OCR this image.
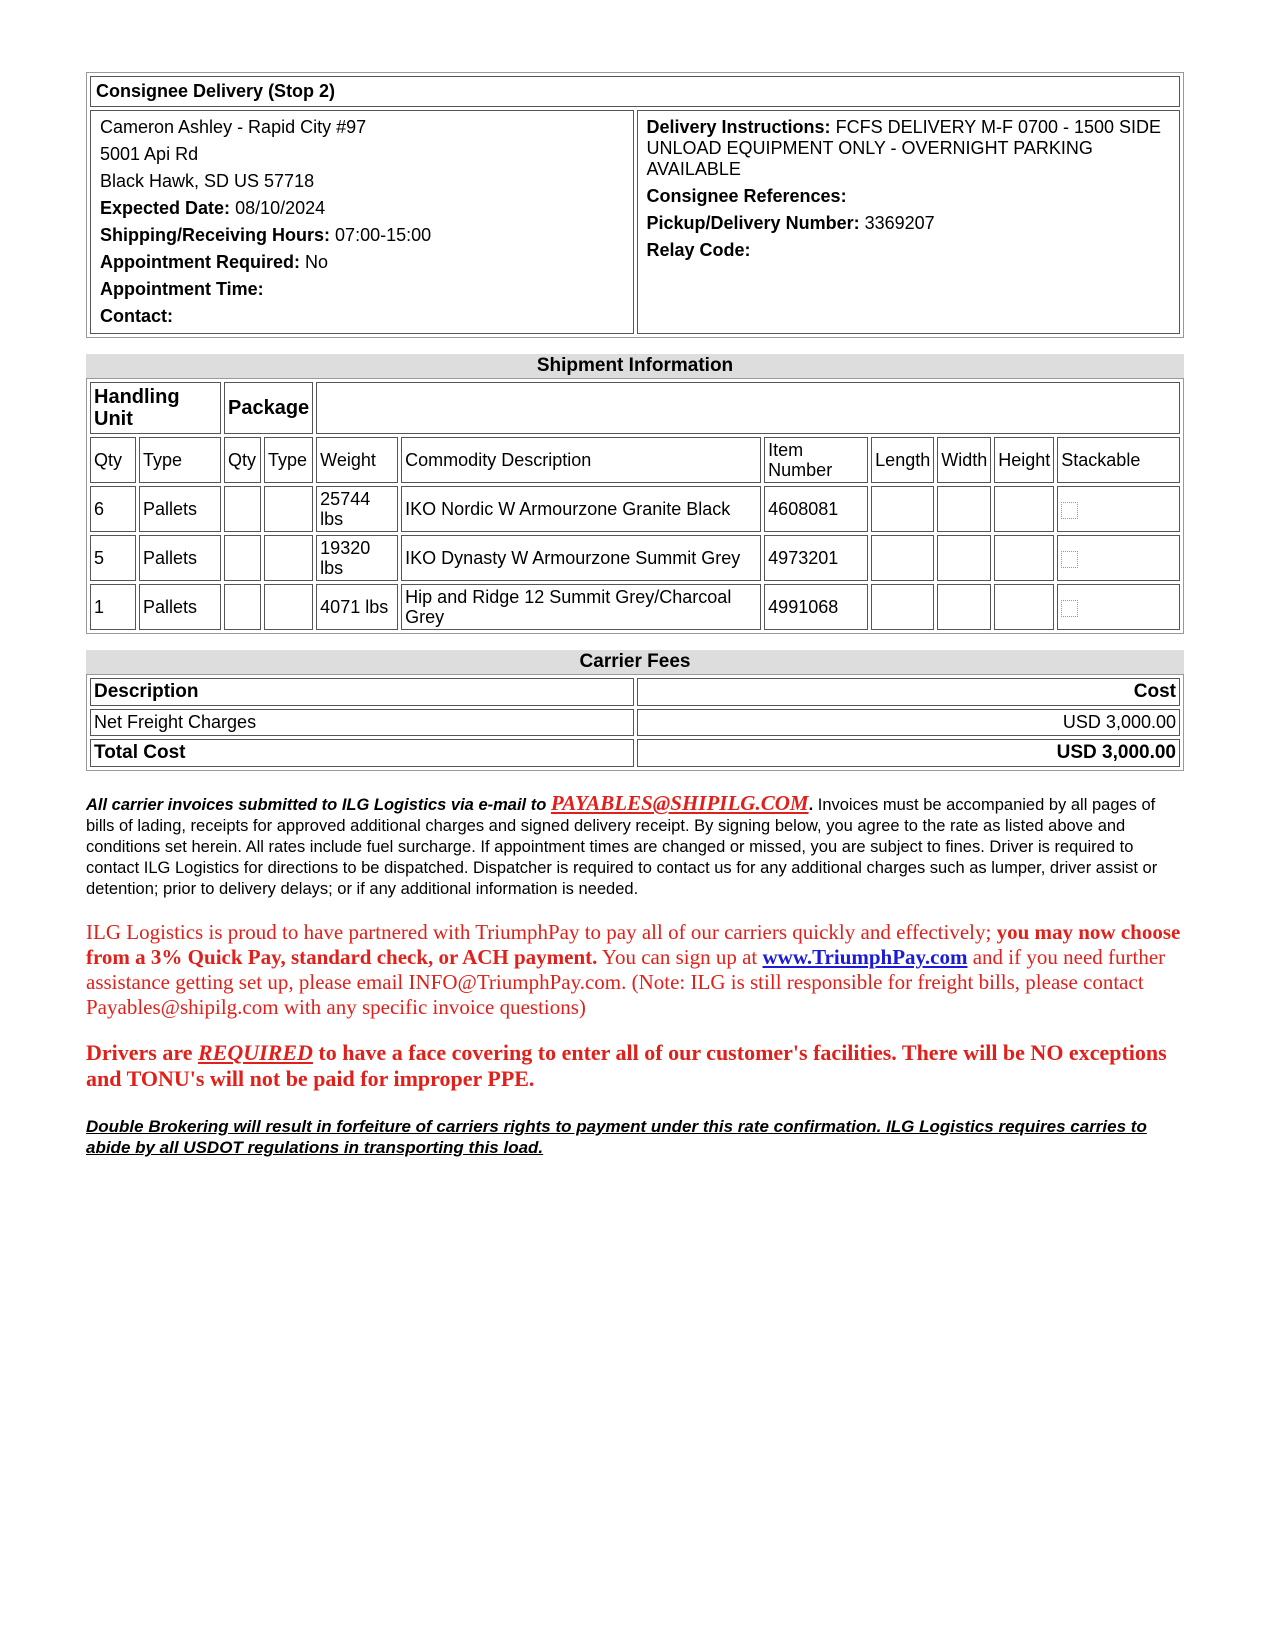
Consignee Delivery (Stop 2)

Cameron Ashley - Rapid City #97
5001 Api Rd
Black Hawk, SD US 57718
Expected Date: 08/10/2024
Shipping/Receiving Hours: 07:00-15:00
Appointment Required: No
Appointment Time:
Contact:

Delivery Instructions: FCFS DELIVERY M-F 0700 - 1500 SIDE UNLOAD EQUIPMENT ONLY - OVERNIGHT PARKING AVAILABLE
Consignee References:
Pickup/Delivery Number: 3369207
Relay Code:
Shipment Information
Handling Unit		Package								
Qty	Type	Qty	Type	Weight	Commodity Description	Item Number	Length	Width	Height	Stackable
6	Pallets			25744 lbs	IKO Nordic W Armourzone Granite Black	4608081				
5	Pallets			19320 lbs	IKO Dynasty W Armourzone Summit Grey	4973201				
1	Pallets			4071 lbs	Hip and Ridge 12 Summit Grey/Charcoal Grey	4991068				
Carrier Fees
Description	Cost
Net Freight Charges	USD 3,000.00
Total Cost	USD 3,000.00
All carrier invoices submitted to ILG Logistics via e-mail to PAYABLES@SHIPILG.COM. Invoices must be accompanied by all pages of bills of lading, receipts for approved additional charges and signed delivery receipt. By signing below, you agree to the rate as listed above and conditions set herein. All rates include fuel surcharge. If appointment times are changed or missed, you are subject to fines. Driver is required to contact ILG Logistics for directions to be dispatched. Dispatcher is required to contact us for any additional charges such as lumper, driver assist or detention; prior to delivery delays; or if any additional information is needed.
ILG Logistics is proud to have partnered with TriumphPay to pay all of our carriers quickly and effectively; you may now choose from a 3% Quick Pay, standard check, or ACH payment. You can sign up at www.TriumphPay.com and if you need further assistance getting set up, please email INFO@TriumphPay.com. (Note: ILG is still responsible for freight bills, please contact Payables@shipilg.com with any specific invoice questions)
Drivers are REQUIRED to have a face covering to enter all of our customer's facilities. There will be NO exceptions and TONU's will not be paid for improper PPE.
Double Brokering will result in forfeiture of carriers rights to payment under this rate confirmation. ILG Logistics requires carries to abide by all USDOT regulations in transporting this load.
